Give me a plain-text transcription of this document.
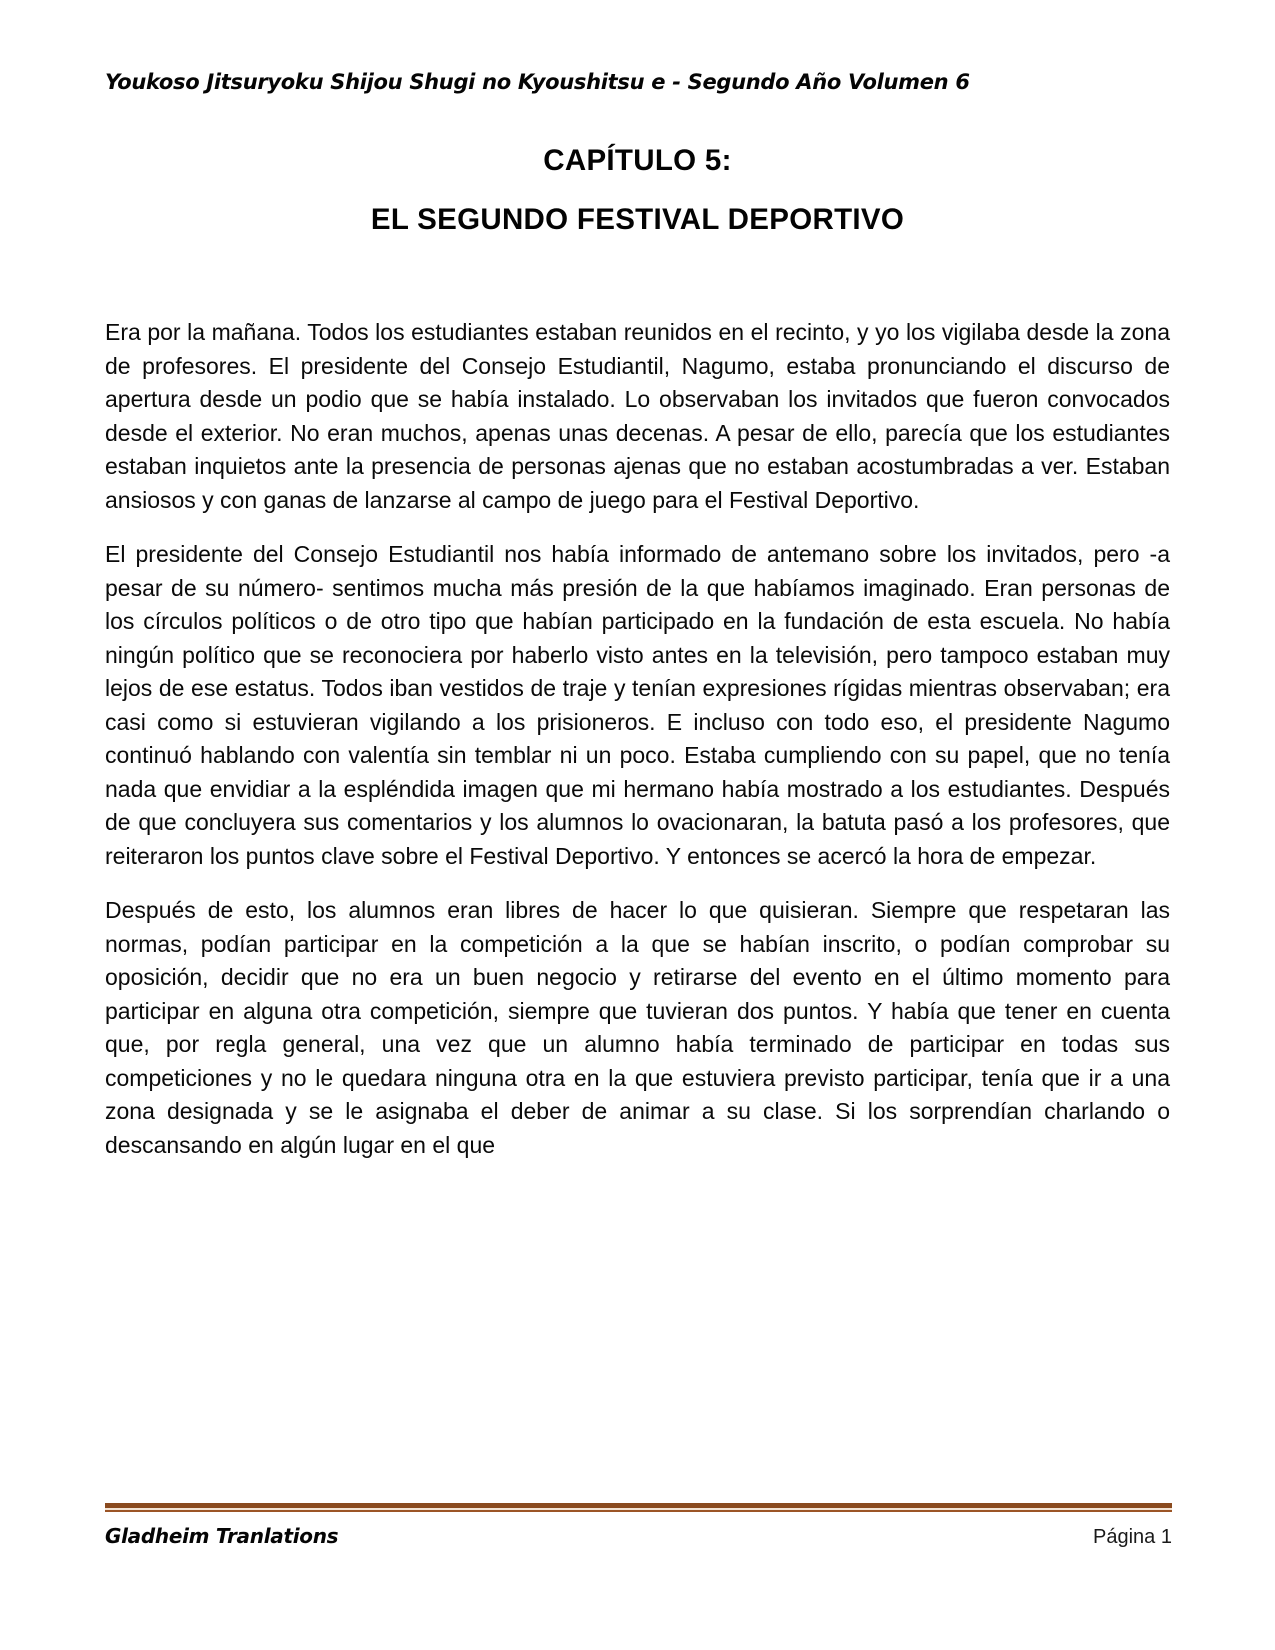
Youkoso Jitsuryoku Shijou Shugi no Kyoushitsu e - Segundo Año Volumen 6
CAPÍTULO 5:
EL SEGUNDO FESTIVAL DEPORTIVO

Era por la mañana. Todos los estudiantes estaban reunidos en el recinto, y yo los vigilaba desde la zona de profesores. El presidente del Consejo Estudiantil, Nagumo, estaba pronunciando el discurso de apertura desde un podio que se había instalado. Lo observaban los invitados que fueron convocados desde el exterior. No eran muchos, apenas unas decenas. A pesar de ello, parecía que los estudiantes estaban inquietos ante la presencia de personas ajenas que no estaban acostumbradas a ver. Estaban ansiosos y con ganas de lanzarse al campo de juego para el Festival Deportivo.

El presidente del Consejo Estudiantil nos había informado de antemano sobre los invitados, pero -a pesar de su número- sentimos mucha más presión de la que habíamos imaginado. Eran personas de los círculos políticos o de otro tipo que habían participado en la fundación de esta escuela. No había ningún político que se reconociera por haberlo visto antes en la televisión, pero tampoco estaban muy lejos de ese estatus. Todos iban vestidos de traje y tenían expresiones rígidas mientras observaban; era casi como si estuvieran vigilando a los prisioneros. E incluso con todo eso, el presidente Nagumo continuó hablando con valentía sin temblar ni un poco. Estaba cumpliendo con su papel, que no tenía nada que envidiar a la espléndida imagen que mi hermano había mostrado a los estudiantes. Después de que concluyera sus comentarios y los alumnos lo ovacionaran, la batuta pasó a los profesores, que reiteraron los puntos clave sobre el Festival Deportivo. Y entonces se acercó la hora de empezar.

Después de esto, los alumnos eran libres de hacer lo que quisieran. Siempre que respetaran las normas, podían participar en la competición a la que se habían inscrito, o podían comprobar su oposición, decidir que no era un buen negocio y retirarse del evento en el último momento para participar en alguna otra competición, siempre que tuvieran dos puntos. Y había que tener en cuenta que, por regla general, una vez que un alumno había terminado de participar en todas sus competiciones y no le quedara ninguna otra en la que estuviera previsto participar, tenía que ir a una zona designada y se le asignaba el deber de animar a su clase. Si los sorprendían charlando o descansando en algún lugar en el que

Gladheim Tranlations	Página 1
